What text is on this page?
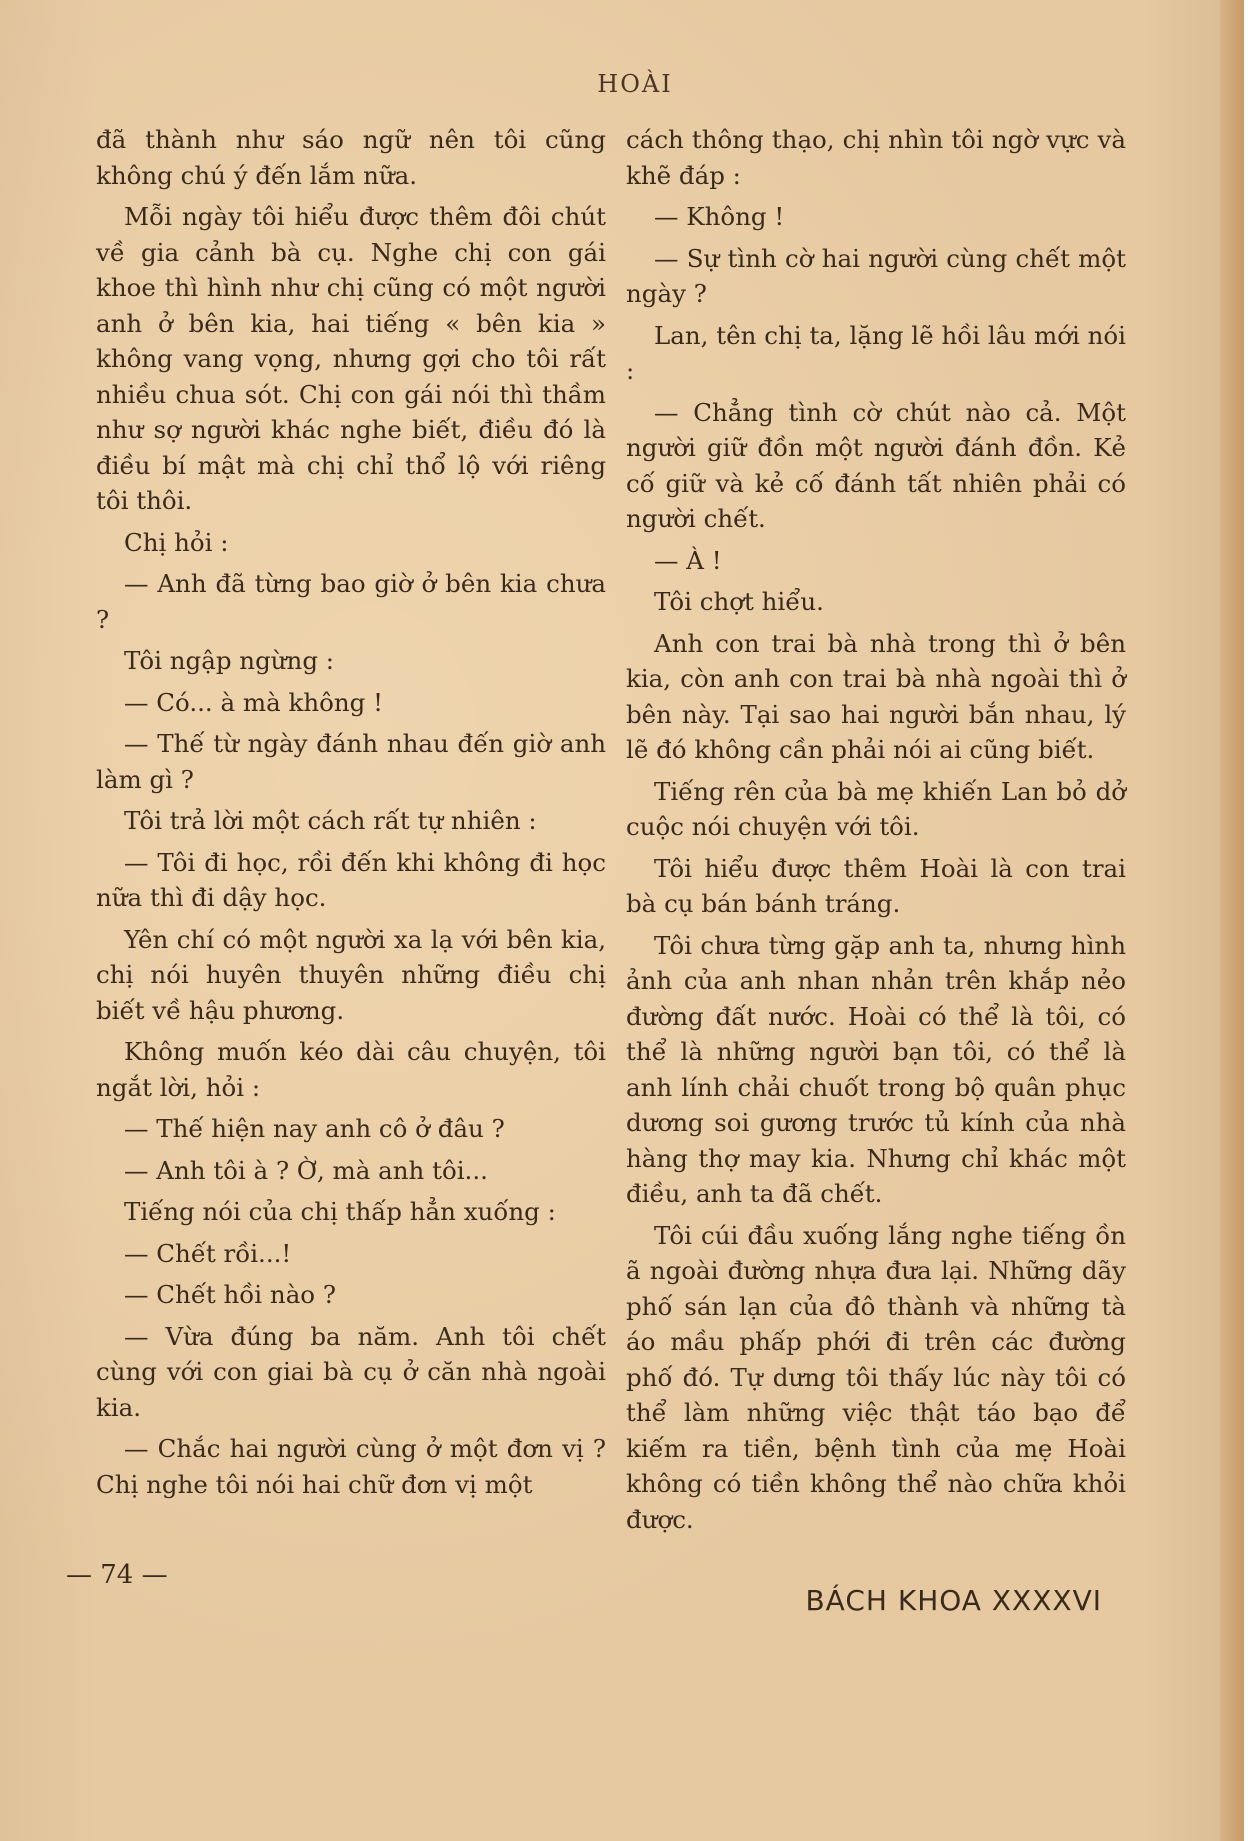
HOÀI

đã thành như sáo ngữ nên tôi cũng không chú ý đến lắm nữa.

Mỗi ngày tôi hiểu được thêm đôi chút về gia cảnh bà cụ. Nghe chị con gái khoe thì hình như chị cũng có một người anh ở bên kia, hai tiếng « bên kia » không vang vọng, nhưng gợi cho tôi rất nhiều chua sót. Chị con gái nói thì thầm như sợ người khác nghe biết, điều đó là điều bí mật mà chị chỉ thổ lộ với riêng tôi thôi.

Chị hỏi :

— Anh đã từng bao giờ ở bên kia chưa ?

Tôi ngập ngừng :

— Có... à mà không !

— Thế từ ngày đánh nhau đến giờ anh làm gì ?

Tôi trả lời một cách rất tự nhiên :

— Tôi đi học, rồi đến khi không đi học nữa thì đi dậy học.

Yên chí có một người xa lạ với bên kia, chị nói huyên thuyên những điều chị biết về hậu phương.

Không muốn kéo dài câu chuyện, tôi ngắt lời, hỏi :

— Thế hiện nay anh cô ở đâu ?

— Anh tôi à ? Ờ, mà anh tôi...

Tiếng nói của chị thấp hẳn xuống :

— Chết rồi...!

— Chết hồi nào ?

— Vừa đúng ba năm. Anh tôi chết cùng với con giai bà cụ ở căn nhà ngoài kia.

— Chắc hai người cùng ở một đơn vị ? Chị nghe tôi nói hai chữ đơn vị một

cách thông thạo, chị nhìn tôi ngờ vực và khẽ đáp :

— Không !

— Sự tình cờ hai người cùng chết một ngày ?

Lan, tên chị ta, lặng lẽ hồi lâu mới nói :

— Chẳng tình cờ chút nào cả. Một người giữ đồn một người đánh đồn. Kẻ cố giữ và kẻ cố đánh tất nhiên phải có người chết.

— À !

Tôi chợt hiểu.

Anh con trai bà nhà trong thì ở bên kia, còn anh con trai bà nhà ngoài thì ở bên này. Tại sao hai người bắn nhau, lý lẽ đó không cần phải nói ai cũng biết.

Tiếng rên của bà mẹ khiến Lan bỏ dở cuộc nói chuyện với tôi.

Tôi hiểu được thêm Hoài là con trai bà cụ bán bánh tráng.

Tôi chưa từng gặp anh ta, nhưng hình ảnh của anh nhan nhản trên khắp nẻo đường đất nước. Hoài có thể là tôi, có thể là những người bạn tôi, có thể là anh lính chải chuốt trong bộ quân phục dương soi gương trước tủ kính của nhà hàng thợ may kia. Nhưng chỉ khác một điều, anh ta đã chết.

Tôi cúi đầu xuống lắng nghe tiếng ồn ã ngoài đường nhựa đưa lại. Những dãy phố sán lạn của đô thành và những tà áo mầu phấp phới đi trên các đường phố đó. Tự dưng tôi thấy lúc này tôi có thể làm những việc thật táo bạo để kiếm ra tiền, bệnh tình của mẹ Hoài không có tiền không thể nào chữa khỏi được.

— 74 —
BÁCH KHOA XXXXVI
